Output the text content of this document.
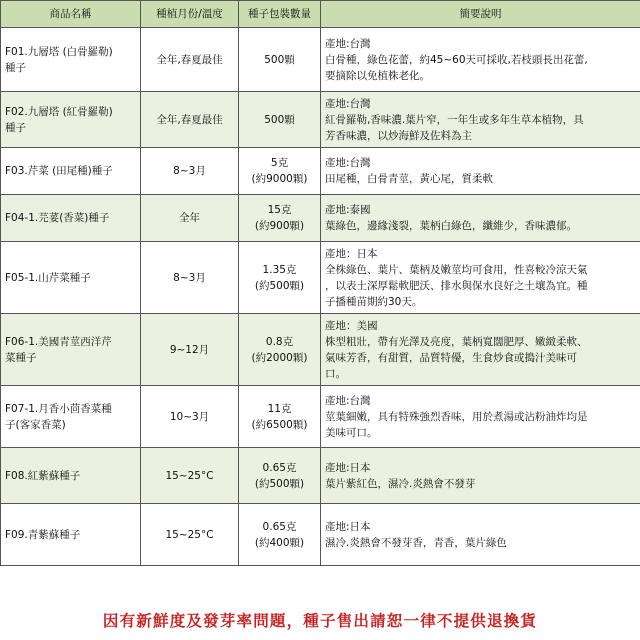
商品名稱	種植月份/溫度	種子包裝數量	簡要說明

F01.九層塔 (白骨羅勒)
種子	全年,春夏最佳	500顆	產地:台灣
白骨種，綠色花蕾，約45~60天可採收,若枝頭長出花蕾,
要摘除以免植株老化。

F02.九層塔 (紅骨羅勒)
種子	全年,春夏最佳	500顆	產地:台灣
紅骨羅勒,香味濃.葉片窄，一年生或多年生草本植物，具
芳香味濃，以炒海鮮及佐料為主

F03.芹菜 (田尾種)種子	8~3月	5克
(約9000顆)	產地:台灣
田尾種，白骨青莖，黃心尾，質柔軟

F04-1.芫荽(香菜)種子	全年	15克
(約900顆)	產地:泰國
葉綠色，邊緣淺裂，葉柄白綠色，纖維少，香味濃郁。

F05-1.山芹菜種子	8~3月	1.35克
(約500顆)	產地：日本
全株綠色、葉片、葉柄及嫩莖均可食用，性喜較冷涼天氣
，以表土深厚鬆軟肥沃、排水與保水良好之土壤為宜。種
子播種苗期約30天。

F06-1.美國青莖西洋芹
菜種子	9~12月	0.8克
(約2000顆)	產地：美國
株型粗壯，帶有光澤及亮度，葉柄寬闊肥厚、嫩緻柔軟、
氣味芳香，有甜質，品質特優，生食炒食或搗汁美味可
口。

F07-1.月香小茴香菜種
子(客家香菜)	10~3月	11克
(約6500顆)	產地:台灣
莖葉細嫩，具有特殊強烈香味，用於煮湯或沾粉油炸均是
美味可口。

F08.紅紫蘇種子	15~25°C	0.65克
(約500顆)	產地:日本
葉片紫紅色，濕冷.炎熱會不發芽

F09.青紫蘇種子	15~25°C	0.65克
(約400顆)	產地:日本
濕冷.炎熱會不發芽香，青香，葉片綠色
因有新鮮度及發芽率問題，種子售出請恕一律不提供退換貨
